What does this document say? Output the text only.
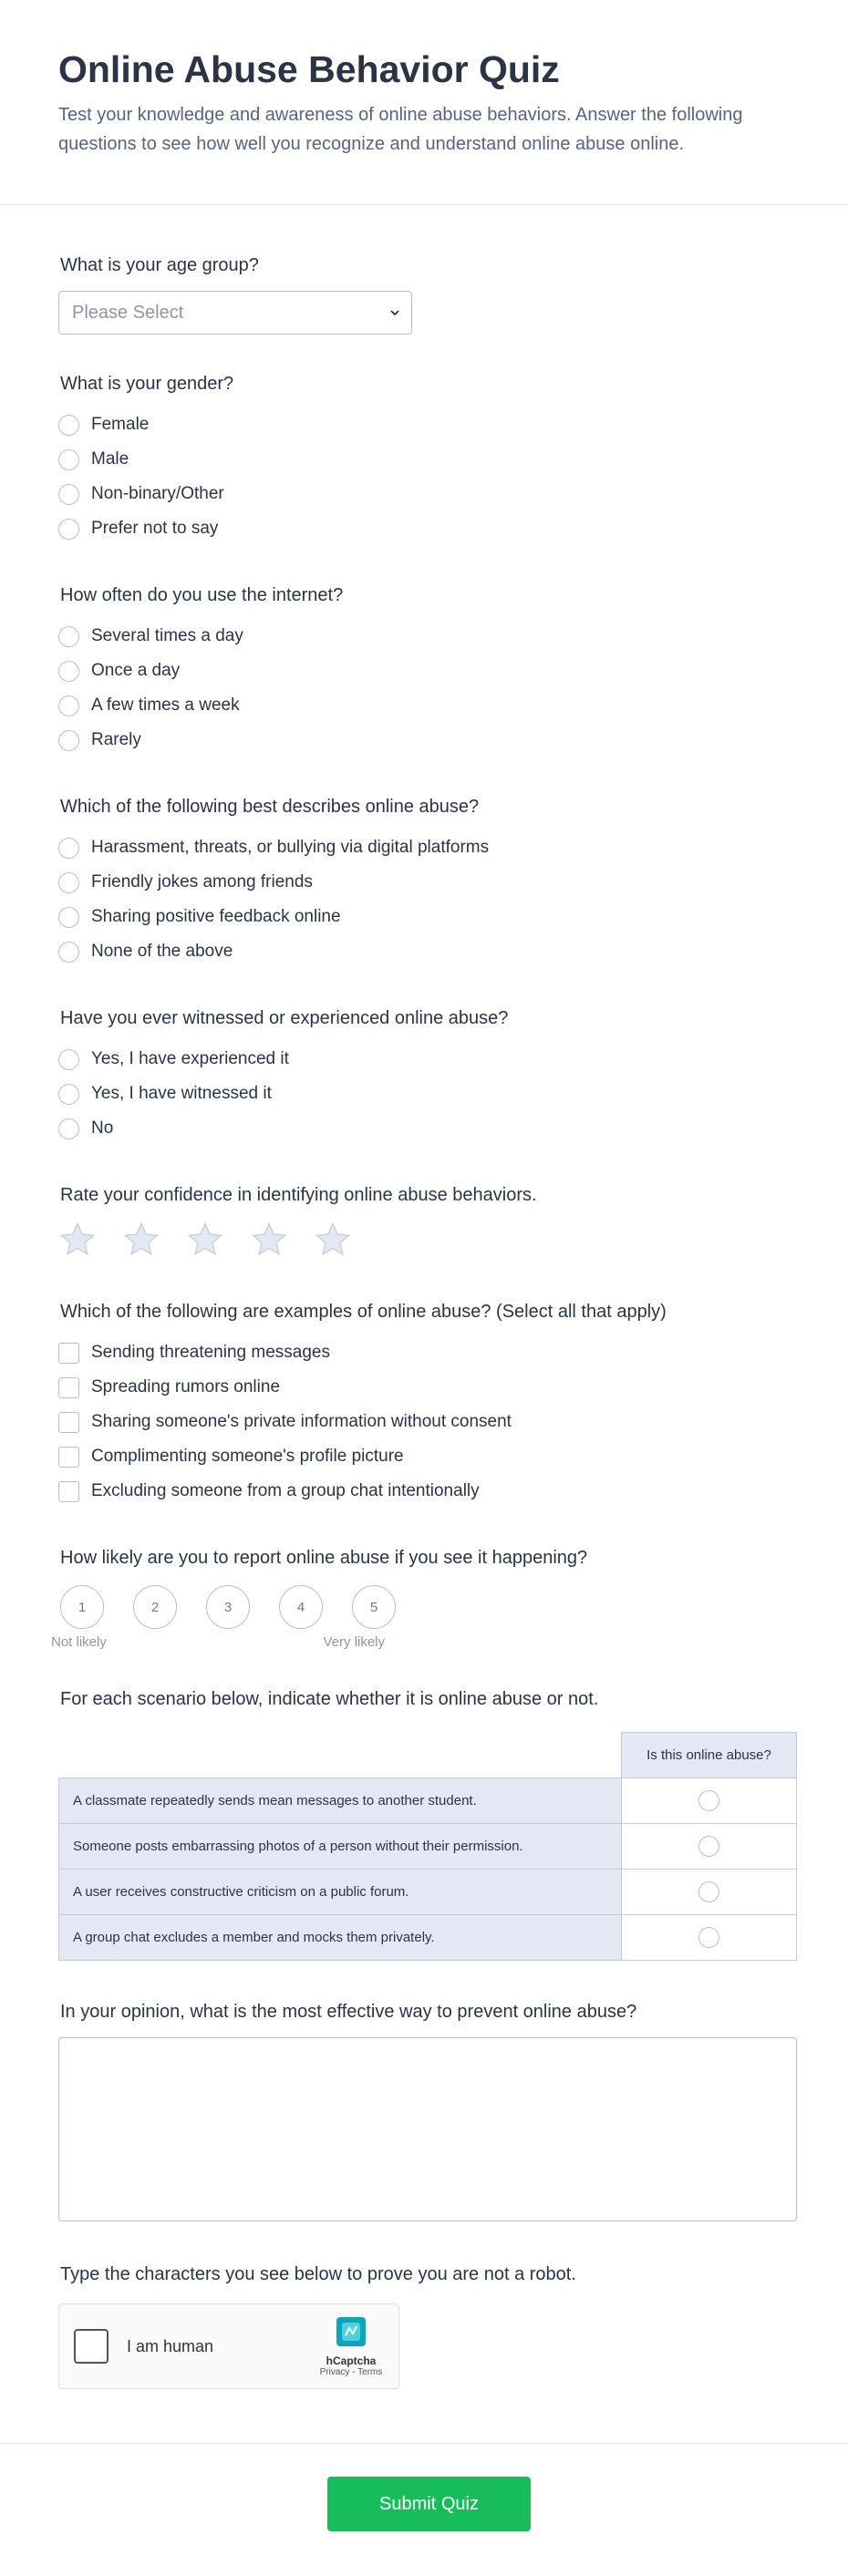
Online Abuse Behavior Quiz

Test your knowledge and awareness of online abuse behaviors. Answer the following questions to see how well you recognize and understand online abuse online.

What is your age group?
Please Select
What is your gender?
Female
Male
Non-binary/Other
Prefer not to say
How often do you use the internet?
Several times a day
Once a day
A few times a week
Rarely
Which of the following best describes online abuse?
Harassment, threats, or bullying via digital platforms
Friendly jokes among friends
Sharing positive feedback online
None of the above
Have you ever witnessed or experienced online abuse?
Yes, I have experienced it
Yes, I have witnessed it
No
Rate your confidence in identifying online abuse behaviors.
Which of the following are examples of online abuse? (Select all that apply)
Sending threatening messages
Spreading rumors online
Sharing someone's private information without consent
Complimenting someone's profile picture
Excluding someone from a group chat intentionally
How likely are you to report online abuse if you see it happening?
1	2	3	4	5
Not likely	Very likely
For each scenario below, indicate whether it is online abuse or not.
	Is this online abuse?
A classmate repeatedly sends mean messages to another student.	
Someone posts embarrassing photos of a person without their permission.	
A user receives constructive criticism on a public forum.	
A group chat excludes a member and mocks them privately.	
In your opinion, what is the most effective way to prevent online abuse?
Type the characters you see below to prove you are not a robot.
I am human
hCaptcha
Privacy - Terms
Submit Quiz
